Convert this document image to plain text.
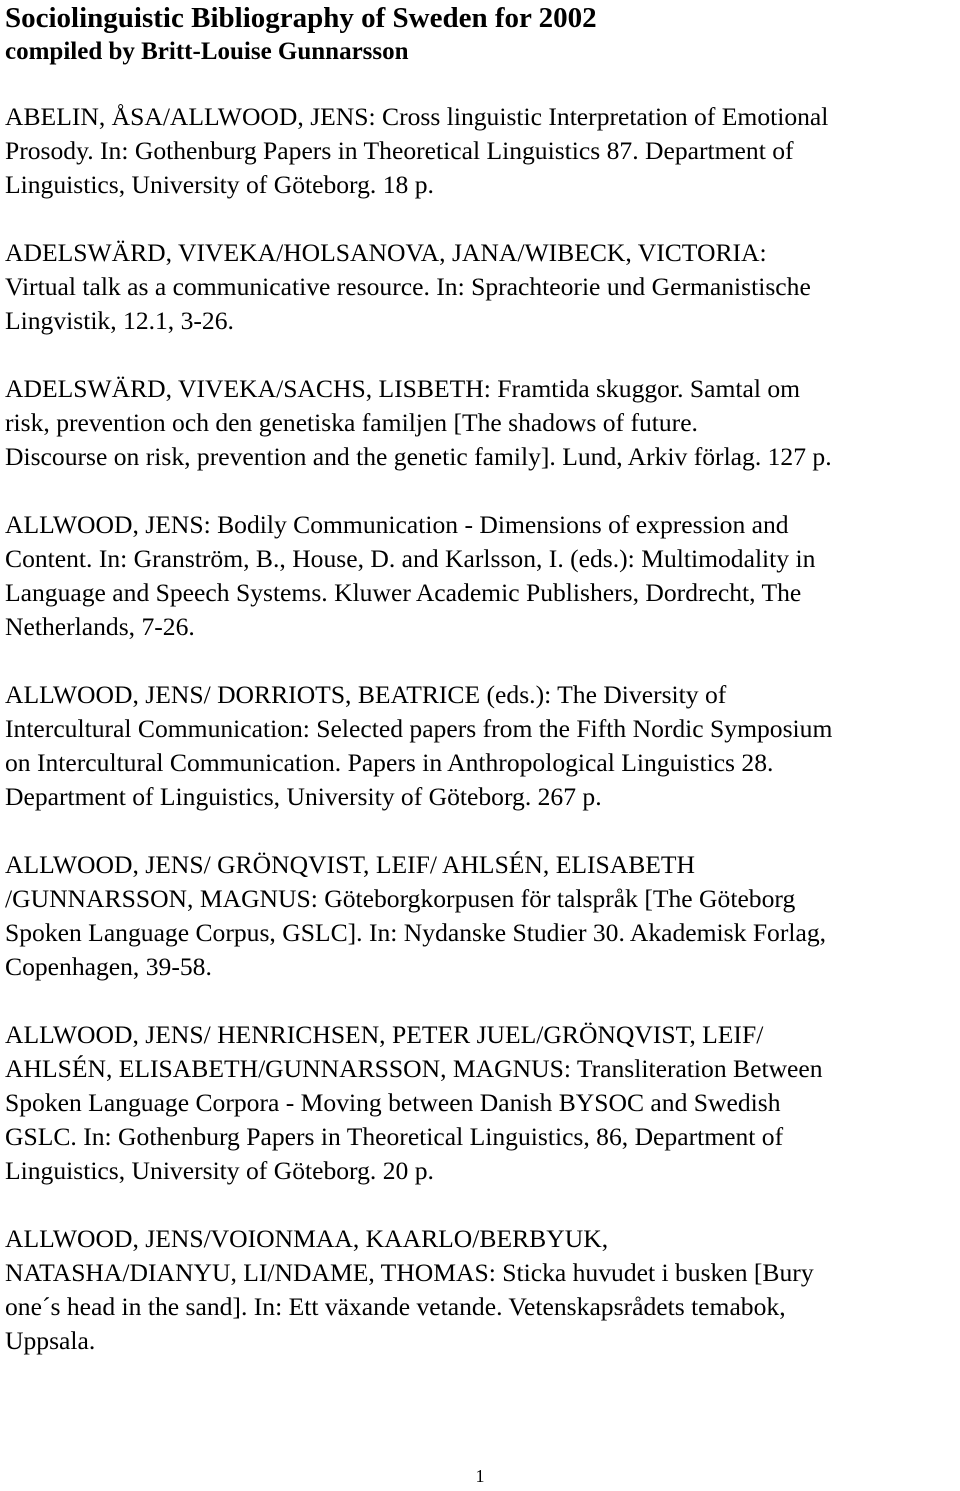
Sociolinguistic Bibliography of Sweden for 2002
compiled by Britt-Louise Gunnarsson
ABELIN, ÅSA/ALLWOOD, JENS: Cross linguistic Interpretation of Emotional
Prosody. In: Gothenburg Papers in Theoretical Linguistics 87. Department of
Linguistics, University of Göteborg. 18 p.
ADELSWÄRD, VIVEKA/HOLSANOVA, JANA/WIBECK, VICTORIA:
Virtual talk as a communicative resource. In: Sprachteorie und Germanistische
Lingvistik, 12.1, 3-26.
ADELSWÄRD, VIVEKA/SACHS, LISBETH: Framtida skuggor. Samtal om
risk, prevention och den genetiska familjen [The shadows of future.
Discourse on risk, prevention and the genetic family]. Lund, Arkiv förlag. 127 p.
ALLWOOD, JENS: Bodily Communication - Dimensions of expression and
Content. In: Granström, B., House, D. and Karlsson, I. (eds.): Multimodality in
Language and Speech Systems. Kluwer Academic Publishers, Dordrecht, The
Netherlands, 7-26.
ALLWOOD, JENS/ DORRIOTS, BEATRICE (eds.): The Diversity of
Intercultural Communication: Selected papers from the Fifth Nordic Symposium
on Intercultural Communication. Papers in Anthropological Linguistics 28.
Department of Linguistics, University of Göteborg. 267 p.
ALLWOOD, JENS/ GRÖNQVIST, LEIF/ AHLSÉN, ELISABETH
/GUNNARSSON, MAGNUS: Göteborgkorpusen för talspråk [The Göteborg
Spoken Language Corpus, GSLC]. In: Nydanske Studier 30. Akademisk Forlag,
Copenhagen, 39-58.
ALLWOOD, JENS/ HENRICHSEN, PETER JUEL/GRÖNQVIST, LEIF/
AHLSÉN, ELISABETH/GUNNARSSON, MAGNUS: Transliteration Between
Spoken Language Corpora - Moving between Danish BYSOC and Swedish
GSLC. In: Gothenburg Papers in Theoretical Linguistics, 86, Department of
Linguistics, University of Göteborg. 20 p.
ALLWOOD, JENS/VOIONMAA, KAARLO/BERBYUK,
NATASHA/DIANYU, LI/NDAME, THOMAS: Sticka huvudet i busken [Bury
one´s head in the sand]. In: Ett växande vetande. Vetenskapsrådets temabok,
Uppsala.
1
